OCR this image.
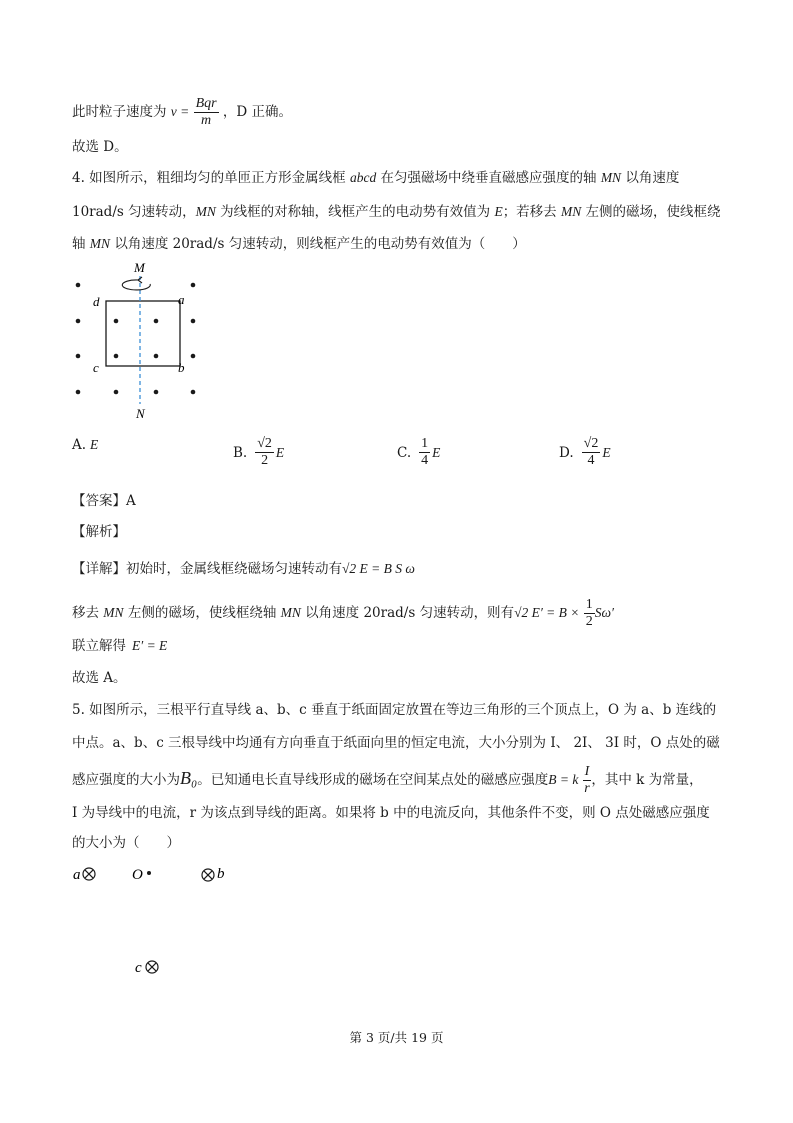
此时粒子速度为 $v = \frac{\text{Bqr}}{m}$ ，D 正确。
故选 D。
4. 如图所示，粗细均匀的单匝正方形金属线框 abcd 在匀强磁场中绕垂直磁感应强度的轴 MN 以角速度
10rad/s 匀速转动，MN 为线框的对称轴，线框产生的电动势有效值为 E；若移去 MN 左侧的磁场，使线框绕
轴 MN 以角速度 20rad/s 匀速转动，则线框产生的电动势有效值为（　　）
M
N
d	a
c	b
A. E	B. $\frac{√2}{2}$ E	C. $\frac{1}{4}$ E	D. $\frac{√2}{4}$ E
【答案】A
【解析】
【详解】初始时，金属线框绕磁场匀速转动有√2 E = B S ω
移去 MN 左侧的磁场，使线框绕轴 MN 以角速度 20rad/s 匀速转动，则有√2 $E' = B \times \frac{1}{2} S\omega'$
联立解得 E′ = E
故选 A。
5. 如图所示，三根平行直导线 a、b、c 垂直于纸面固定放置在等边三角形的三个顶点上，O 为 a、b 连线的
中点。a、b、c 三根导线中均通有方向垂直于纸面向里的恒定电流，大小分别为 I、 2I、 3I 时，O 点处的磁
感应强度的大小为B₀。已知通电长直导线形成的磁场在空间某点处的磁感应强度B = k $\frac{I}{r}$ ，其中 k 为常量，
I 为导线中的电流，r 为该点到导线的距离。如果将 b 中的电流反向，其他条件不变，则 O 点处磁感应强度
的大小为（　　）
a	O	b
c
第 3 页/共 19 页
